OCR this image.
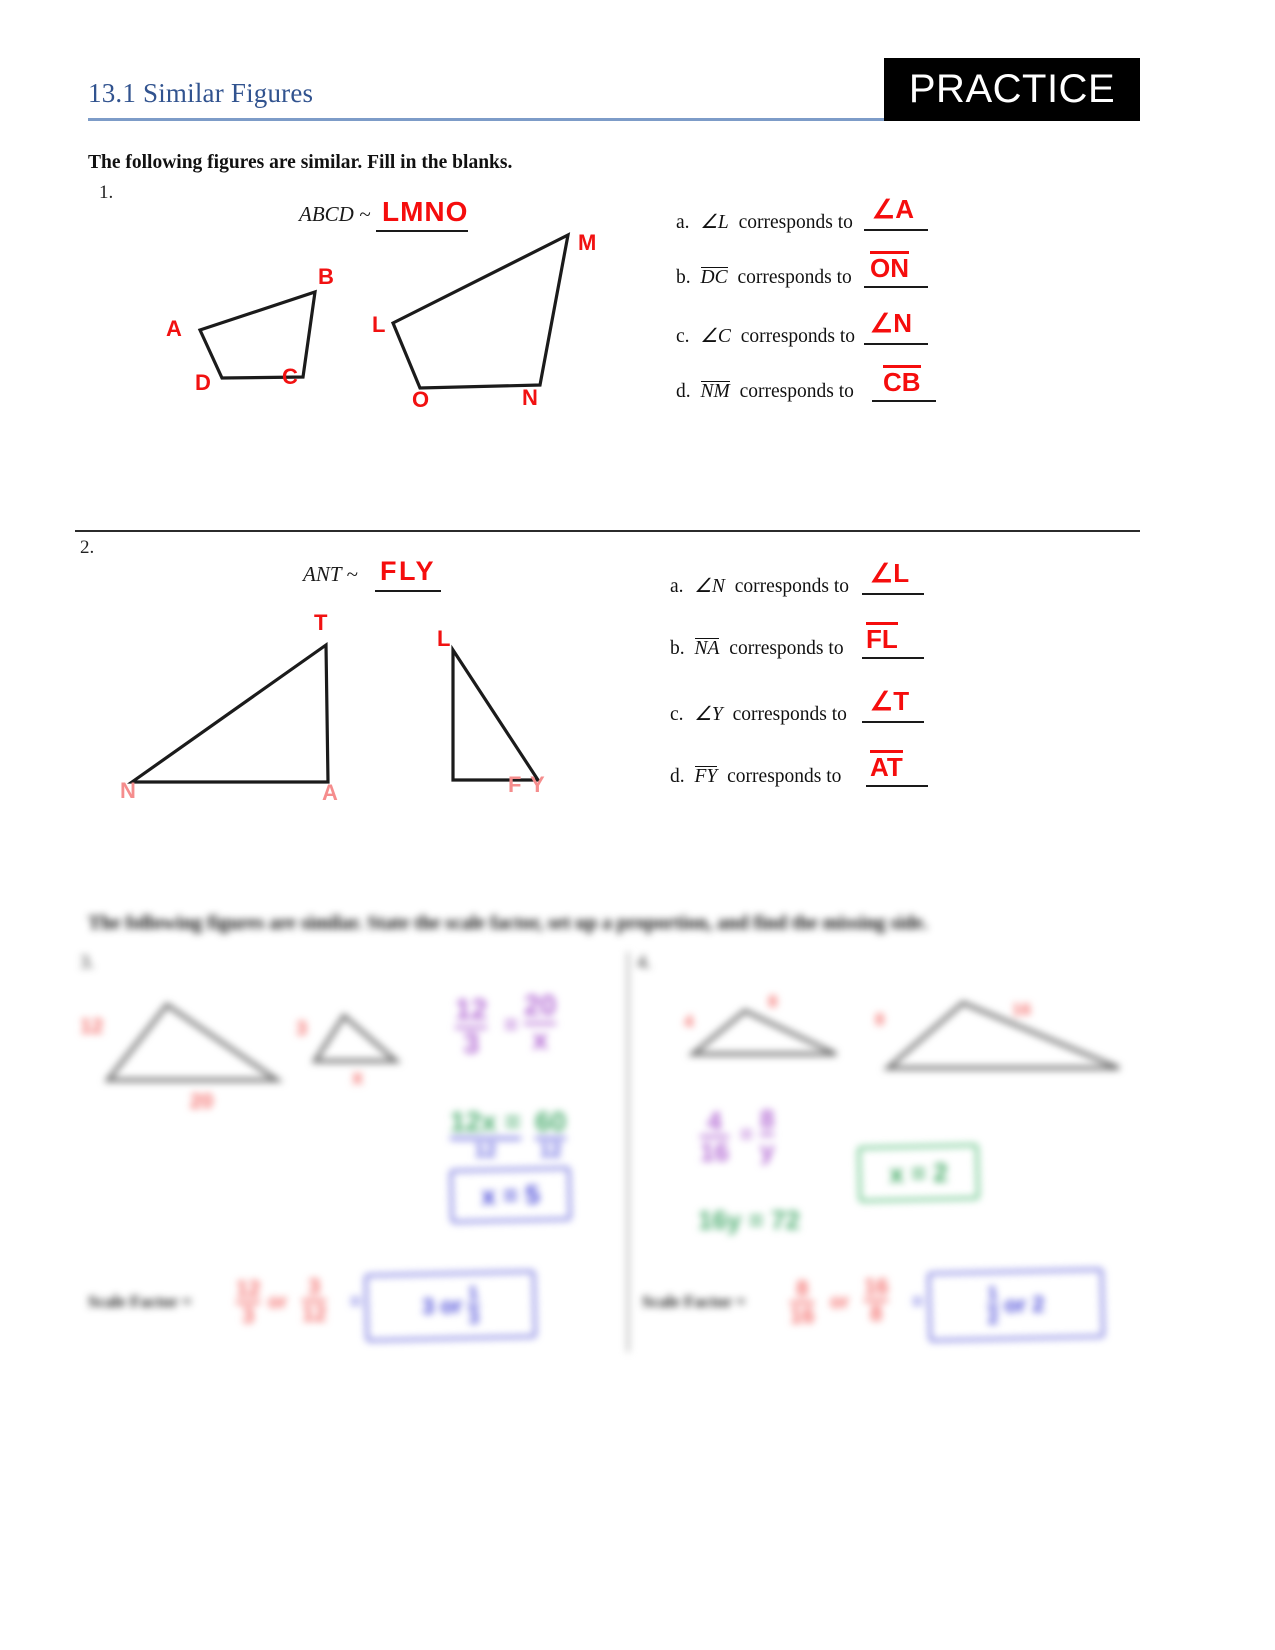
13.1 Similar Figures	PRACTICE
The following figures are similar. Fill in the blanks.
1.
ABCD ~ LMNO
A
B
C
D
L
M
N
O
a. ∠L corresponds to ∠A
b. DC corresponds to ON
c. ∠C corresponds to ∠N
d. NM corresponds to CB
2.
ANT ~ FLY
T
N	A
L
F Y
a. ∠N corresponds to ∠L
b. NA corresponds to FL
c. ∠Y corresponds to ∠T
d. FY corresponds to AT
The following figures are similar. State the scale factor, set up a proportion, and find the missing side.
3.	4.
12
20
3
x
$\frac{12}{3} = \frac{20}{x}$
12x =
12
60
12
x = 5
Scale Factor = $\frac{12}{3}$ or $\frac{3}{12}$ =	3 or $\frac{1}{3}$
4
8
8
16
$\frac{4}{16} = \frac{8}{y}$
16y = 72
x = 2
Scale Factor = $\frac{8}{16}$ or $\frac{16}{8}$ =	$\frac{1}{2}$ or 2
